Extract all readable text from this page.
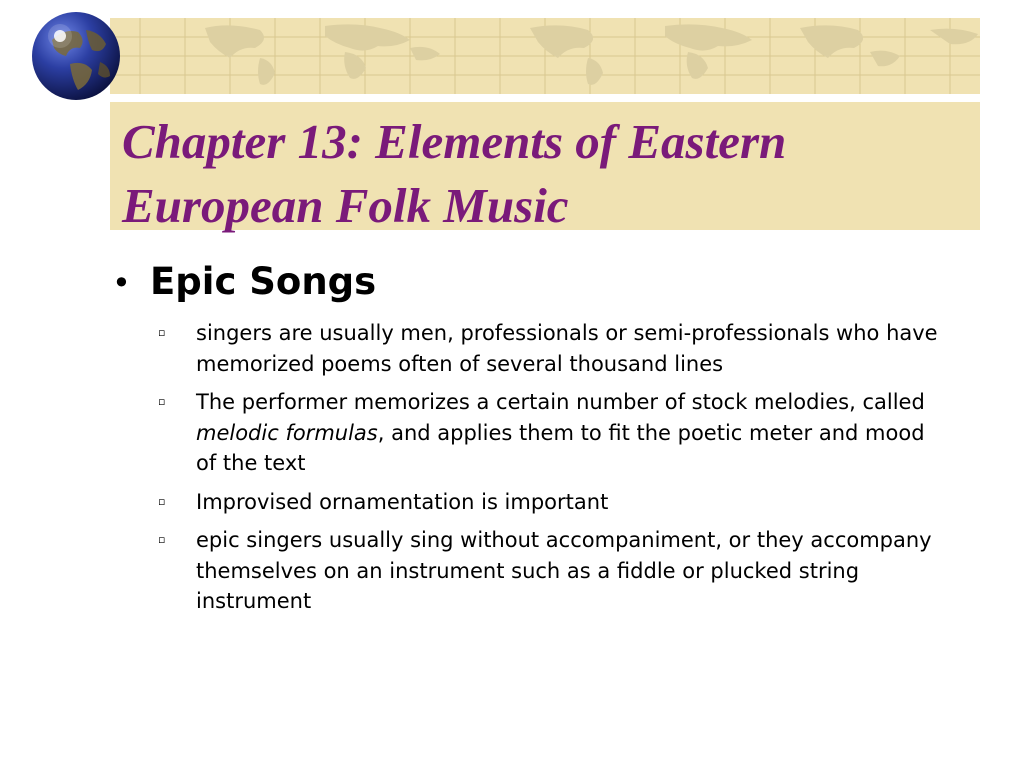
Chapter 13: Elements of Eastern European Folk Music
• Epic Songs
▫	singers are usually men, professionals or semi-professionals who have memorized poems often of several thousand lines
▫	The performer memorizes a certain number of stock melodies, called melodic formulas, and applies them to fit the poetic meter and mood of the text
▫	Improvised ornamentation is important
▫	epic singers usually sing without accompaniment, or they accompany themselves on an instrument such as a fiddle or plucked string instrument
